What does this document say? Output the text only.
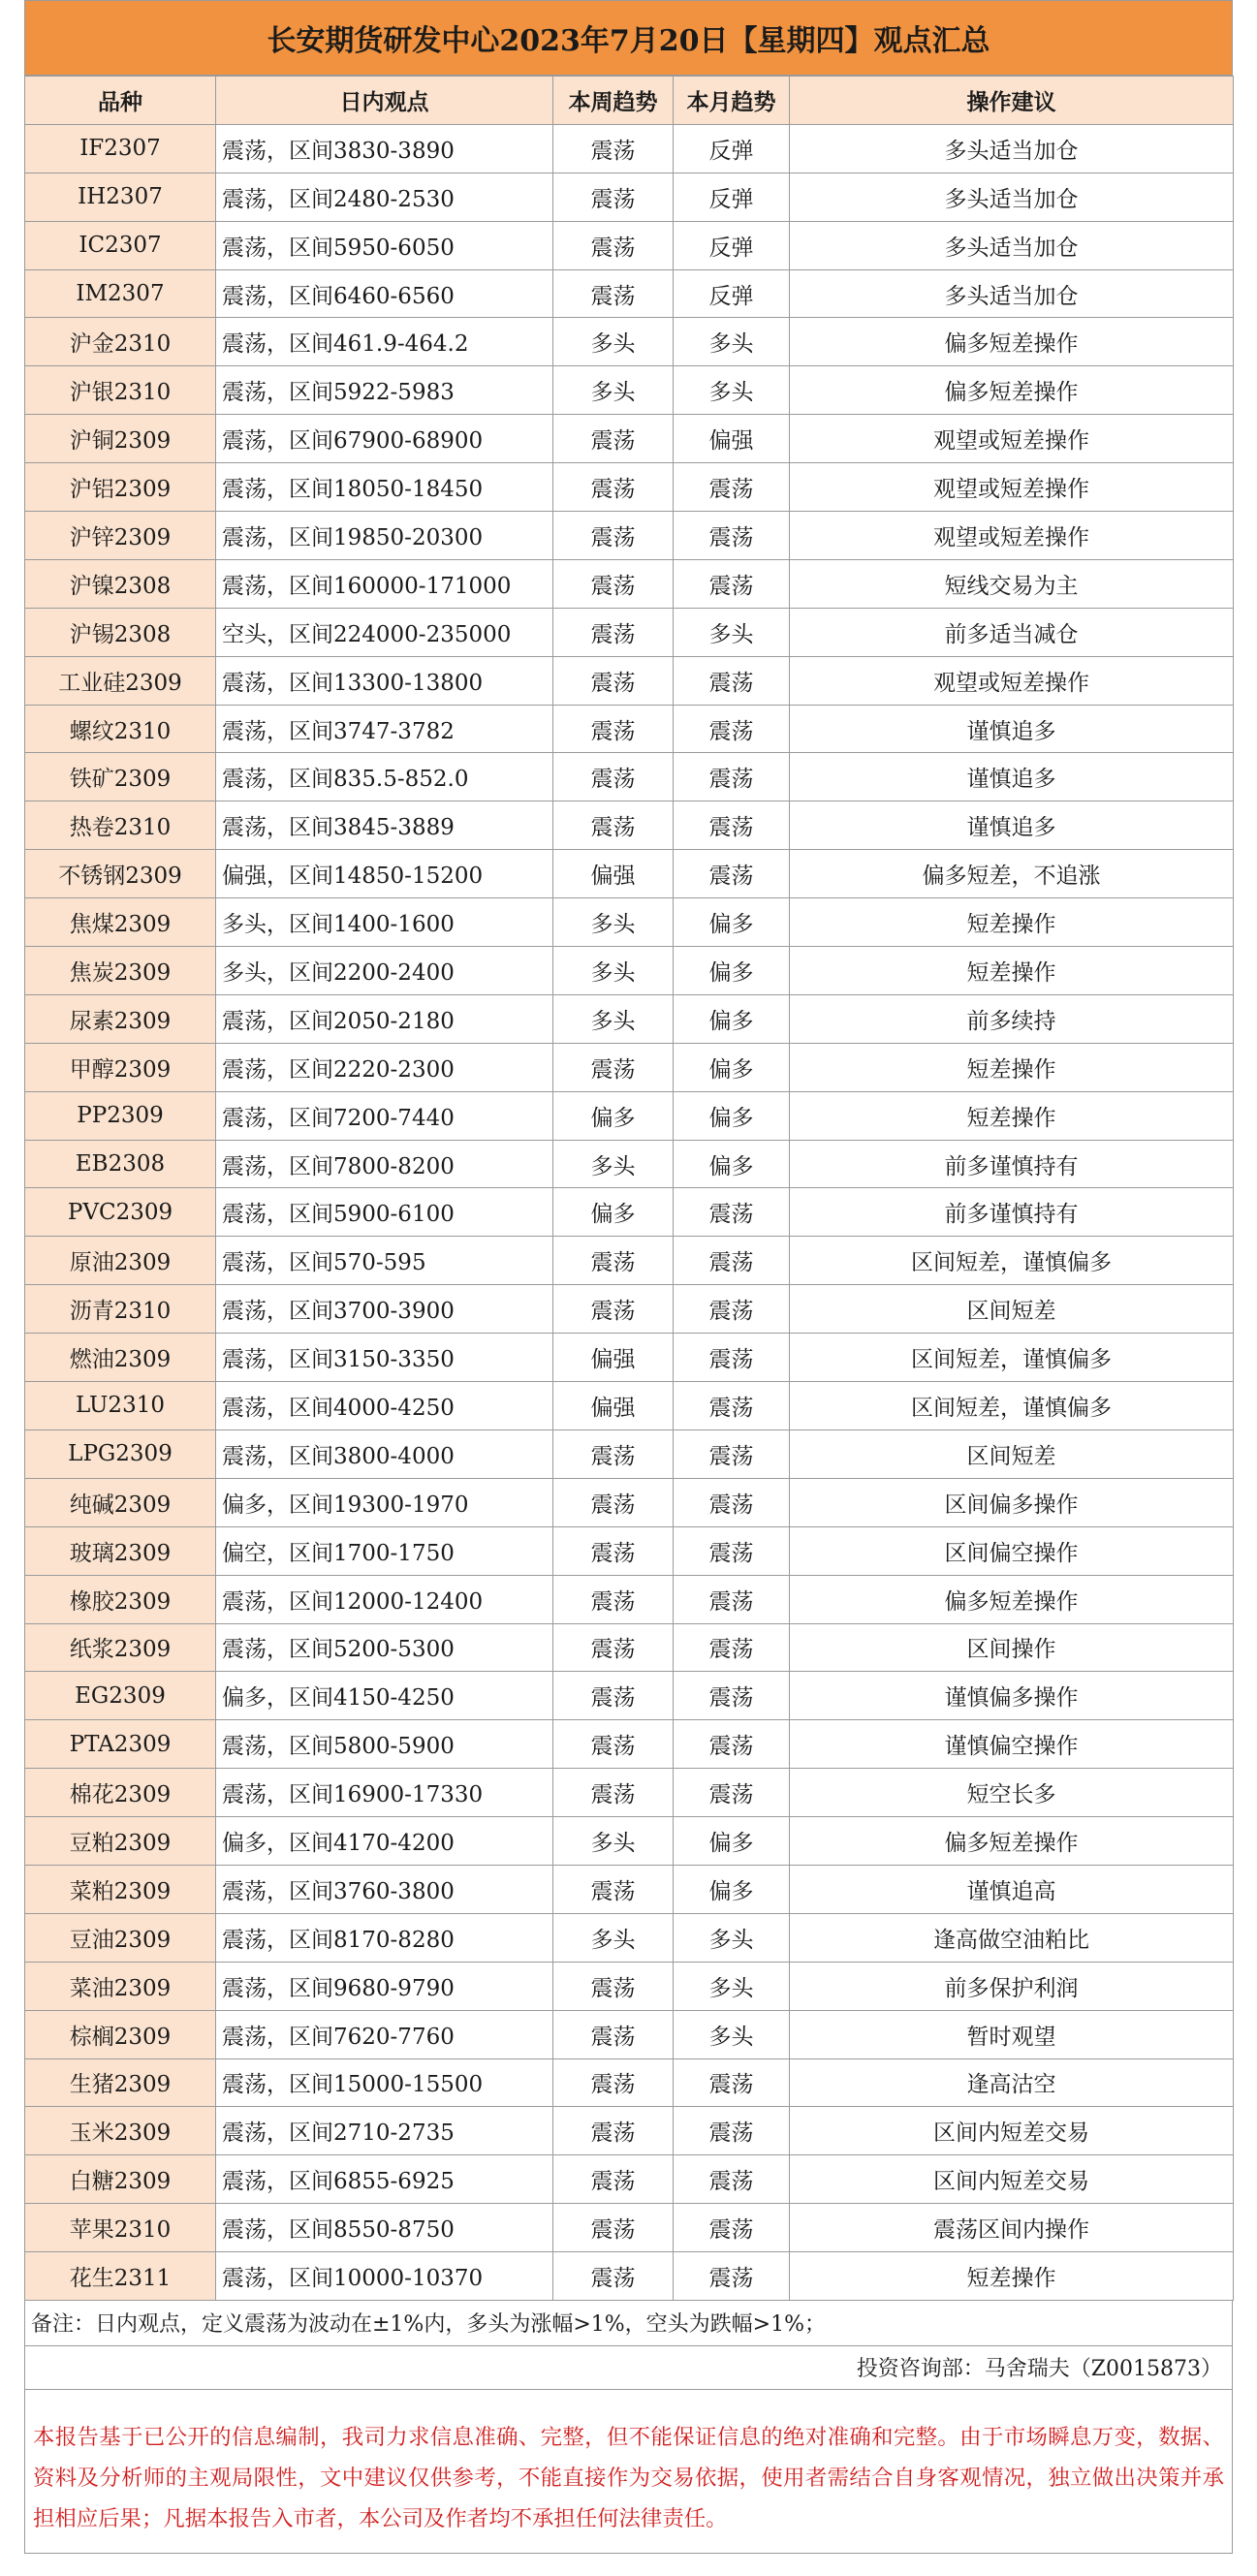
长安期货研发中心2023年7月20日【星期四】观点汇总
品种	日内观点	本周趋势	本月趋势	操作建议
IF2307	震荡，区间3830-3890	震荡	反弹	多头适当加仓
IH2307	震荡，区间2480-2530	震荡	反弹	多头适当加仓
IC2307	震荡，区间5950-6050	震荡	反弹	多头适当加仓
IM2307	震荡，区间6460-6560	震荡	反弹	多头适当加仓
沪金2310	震荡，区间461.9-464.2	多头	多头	偏多短差操作
沪银2310	震荡，区间5922-5983	多头	多头	偏多短差操作
沪铜2309	震荡，区间67900-68900	震荡	偏强	观望或短差操作
沪铝2309	震荡，区间18050-18450	震荡	震荡	观望或短差操作
沪锌2309	震荡，区间19850-20300	震荡	震荡	观望或短差操作
沪镍2308	震荡，区间160000-171000	震荡	震荡	短线交易为主
沪锡2308	空头，区间224000-235000	震荡	多头	前多适当减仓
工业硅2309	震荡，区间13300-13800	震荡	震荡	观望或短差操作
螺纹2310	震荡，区间3747-3782	震荡	震荡	谨慎追多
铁矿2309	震荡，区间835.5-852.0	震荡	震荡	谨慎追多
热卷2310	震荡，区间3845-3889	震荡	震荡	谨慎追多
不锈钢2309	偏强，区间14850-15200	偏强	震荡	偏多短差，不追涨
焦煤2309	多头，区间1400-1600	多头	偏多	短差操作
焦炭2309	多头，区间2200-2400	多头	偏多	短差操作
尿素2309	震荡，区间2050-2180	多头	偏多	前多续持
甲醇2309	震荡，区间2220-2300	震荡	偏多	短差操作
PP2309	震荡，区间7200-7440	偏多	偏多	短差操作
EB2308	震荡，区间7800-8200	多头	偏多	前多谨慎持有
PVC2309	震荡，区间5900-6100	偏多	震荡	前多谨慎持有
原油2309	震荡，区间570-595	震荡	震荡	区间短差，谨慎偏多
沥青2310	震荡，区间3700-3900	震荡	震荡	区间短差
燃油2309	震荡，区间3150-3350	偏强	震荡	区间短差，谨慎偏多
LU2310	震荡，区间4000-4250	偏强	震荡	区间短差，谨慎偏多
LPG2309	震荡，区间3800-4000	震荡	震荡	区间短差
纯碱2309	偏多，区间19300-1970	震荡	震荡	区间偏多操作
玻璃2309	偏空，区间1700-1750	震荡	震荡	区间偏空操作
橡胶2309	震荡，区间12000-12400	震荡	震荡	偏多短差操作
纸浆2309	震荡，区间5200-5300	震荡	震荡	区间操作
EG2309	偏多，区间4150-4250	震荡	震荡	谨慎偏多操作
PTA2309	震荡，区间5800-5900	震荡	震荡	谨慎偏空操作
棉花2309	震荡，区间16900-17330	震荡	震荡	短空长多
豆粕2309	偏多，区间4170-4200	多头	偏多	偏多短差操作
菜粕2309	震荡，区间3760-3800	震荡	偏多	谨慎追高
豆油2309	震荡，区间8170-8280	多头	多头	逢高做空油粕比
菜油2309	震荡，区间9680-9790	震荡	多头	前多保护利润
棕榈2309	震荡，区间7620-7760	震荡	多头	暂时观望
生猪2309	震荡，区间15000-15500	震荡	震荡	逢高沽空
玉米2309	震荡，区间2710-2735	震荡	震荡	区间内短差交易
白糖2309	震荡，区间6855-6925	震荡	震荡	区间内短差交易
苹果2310	震荡，区间8550-8750	震荡	震荡	震荡区间内操作
花生2311	震荡，区间10000-10370	震荡	震荡	短差操作
备注：日内观点，定义震荡为波动在±1%内，多头为涨幅>1%，空头为跌幅>1%；
投资咨询部：马舍瑞夫（Z0015873）
本报告基于已公开的信息编制，我司力求信息准确、完整，但不能保证信息的绝对准确和完整。由于市场瞬息万变，数据、资料及分析师的主观局限性，文中建议仅供参考，不能直接作为交易依据，使用者需结合自身客观情况，独立做出决策并承担相应后果；凡据本报告入市者，本公司及作者均不承担任何法律责任。
